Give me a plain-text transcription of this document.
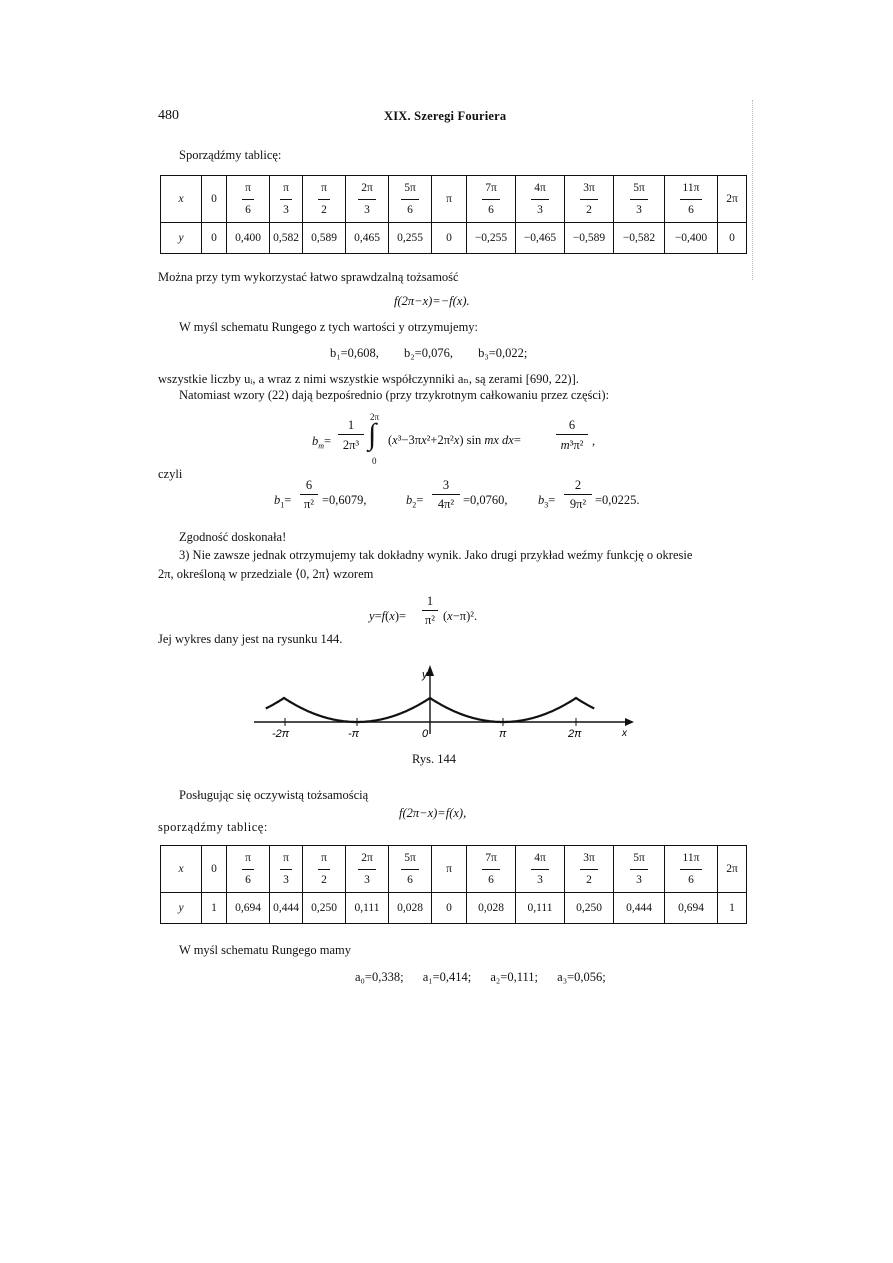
480	XIX. Szeregi Fouriera
Sporządźmy tablicę:
x	0	$\frac{\pi}{6}$	$\frac{\pi}{3}$	$\frac{\pi}{2}$	$\frac{2\pi}{3}$	$\frac{5\pi}{6}$	π	$\frac{7\pi}{6}$	$\frac{4\pi}{3}$	$\frac{3\pi}{2}$	$\frac{5\pi}{3}$	$\frac{11\pi}{6}$	2π
y	0	0,400	0,582	0,589	0,465	0,255	0	−0,255	−0,465	−0,589	−0,582	−0,400	0
Można przy tym wykorzystać łatwo sprawdzalną tożsamość
f(2π−x)=−f(x).
W myśl schematu Rungego z tych wartości y otrzymujemy:
b₁=0,608, b₂=0,076, b₃=0,022;
wszystkie liczby uᵢ, a wraz z nimi wszystkie współczynniki aₙ, są zerami [690, 22)].
Natomiast wzory (22) dają bezpośrednio (przy trzykrotnym całkowaniu przez części):
$b_m=$
1
2π³
2π
∫
0
(x³−3πx²+2π²x) sin mx dx=
6
m³π² ,
czyli
$b_1=$
6
π² =0,6079,	$b_2=$
3
4π² =0,0760, $b_3=$
2
9π² =0,0225.
Zgodność doskonała!
3) Nie zawsze jednak otrzymujemy tak dokładny wynik. Jako drugi przykład weźmy funkcję o okresie
2π, określoną w przedziale ⟨0, 2π⟩ wzorem
y=f(x)=
1
π² (x−π)².
Jej wykres dany jest na rysunku 144.
y
x
-2π	-π	0	π	2π
Rys. 144
Posługując się oczywistą tożsamością
f(2π−x)=f(x),
sporządźmy tablicę:
x	0	$\frac{\pi}{6}$	$\frac{\pi}{3}$	$\frac{\pi}{2}$	$\frac{2\pi}{3}$	$\frac{5\pi}{6}$	π	$\frac{7\pi}{6}$	$\frac{4\pi}{3}$	$\frac{3\pi}{2}$	$\frac{5\pi}{3}$	$\frac{11\pi}{6}$	2π
y	1	0,694	0,444	0,250	0,111	0,028	0	0,028	0,111	0,250	0,444	0,694	1
W myśl schematu Rungego mamy
a₀=0,338; a₁=0,414; a₂=0,111; a₃=0,056;
